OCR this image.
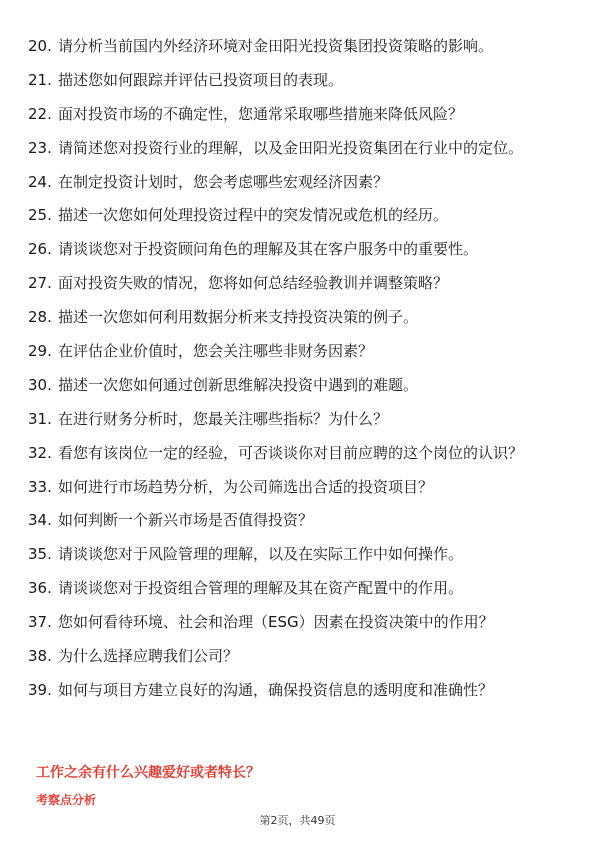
20. 请分析当前国内外经济环境对金田阳光投资集团投资策略的影响。
21. 描述您如何跟踪并评估已投资项目的表现。
22. 面对投资市场的不确定性，您通常采取哪些措施来降低风险？
23. 请简述您对投资行业的理解，以及金田阳光投资集团在行业中的定位。
24. 在制定投资计划时，您会考虑哪些宏观经济因素？
25. 描述一次您如何处理投资过程中的突发情况或危机的经历。
26. 请谈谈您对于投资顾问角色的理解及其在客户服务中的重要性。
27. 面对投资失败的情况，您将如何总结经验教训并调整策略？
28. 描述一次您如何利用数据分析来支持投资决策的例子。
29. 在评估企业价值时，您会关注哪些非财务因素？
30. 描述一次您如何通过创新思维解决投资中遇到的难题。
31. 在进行财务分析时，您最关注哪些指标？为什么？
32. 看您有该岗位一定的经验，可否谈谈你对目前应聘的这个岗位的认识？
33. 如何进行市场趋势分析，为公司筛选出合适的投资项目？
34. 如何判断一个新兴市场是否值得投资？
35. 请谈谈您对于风险管理的理解，以及在实际工作中如何操作。
36. 请谈谈您对于投资组合管理的理解及其在资产配置中的作用。
37. 您如何看待环境、社会和治理（ESG）因素在投资决策中的作用？
38. 为什么选择应聘我们公司？
39. 如何与项目方建立良好的沟通，确保投资信息的透明度和准确性？

工作之余有什么兴趣爱好或者特长？

考察点分析

第2页，共49页
